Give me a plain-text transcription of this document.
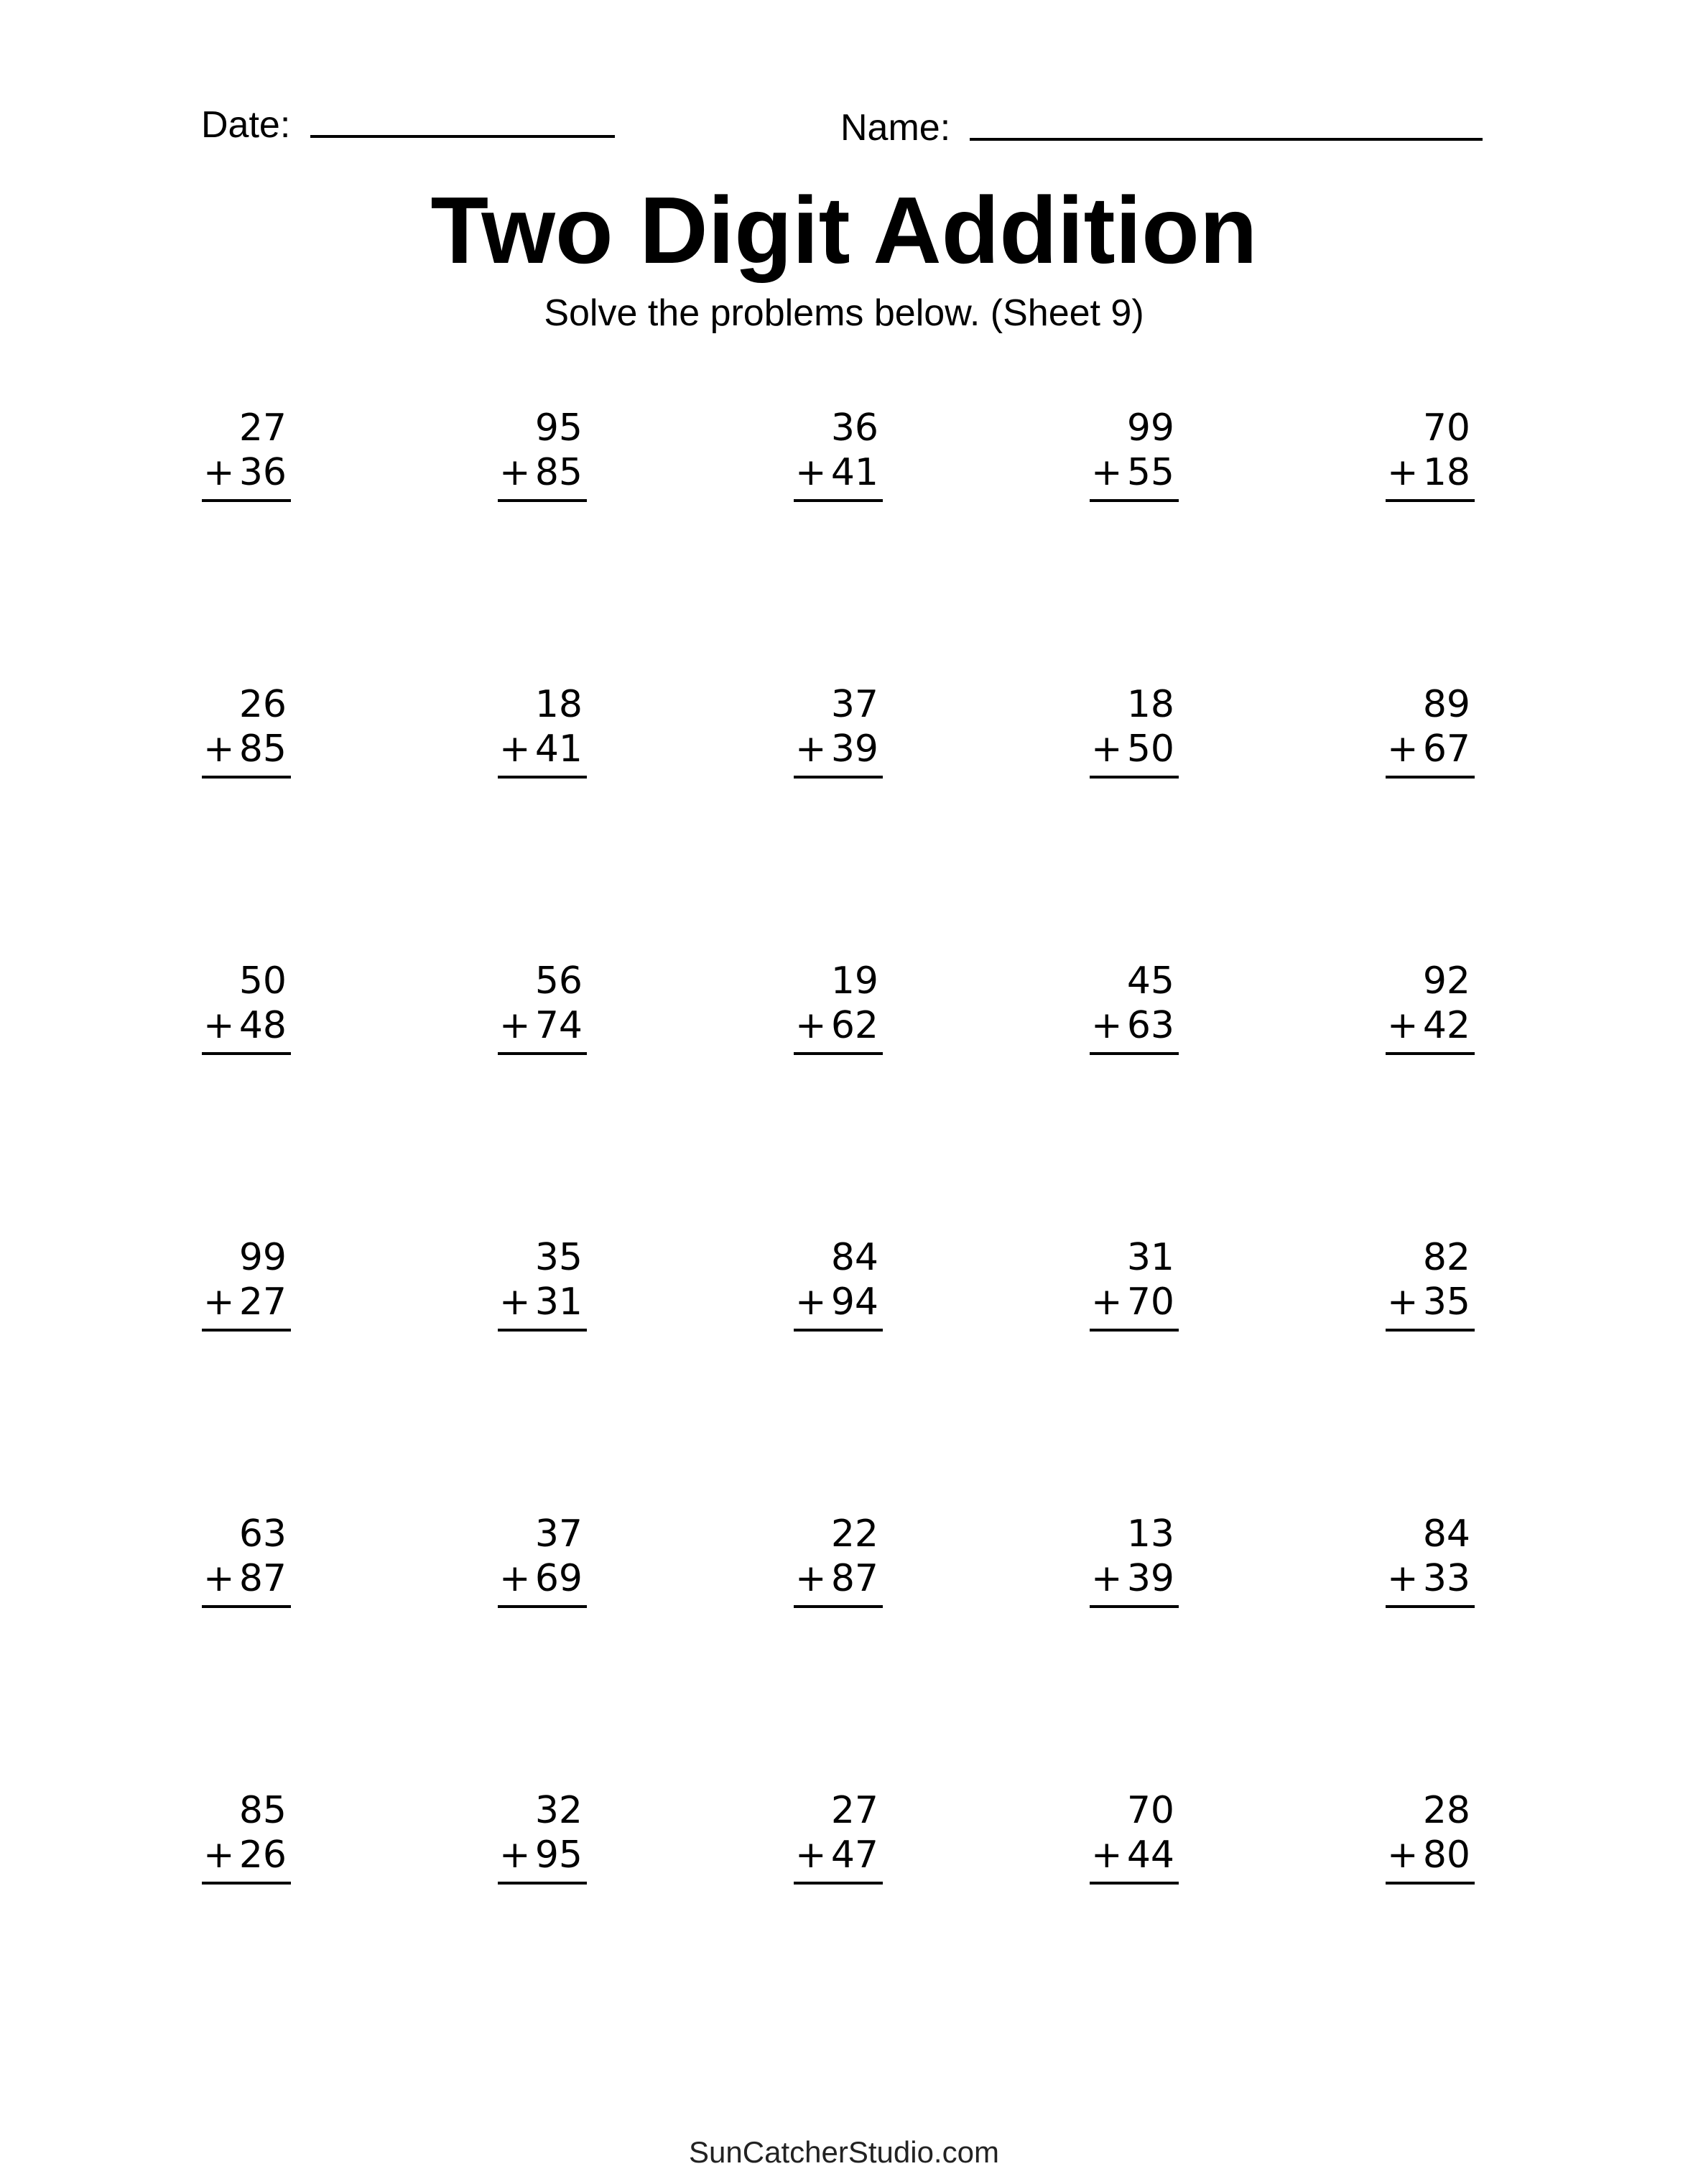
Date:	Name:
Two Digit Addition
Solve the problems below. (Sheet 9)
27
+ 36
95
+ 85
36
+ 41
99
+ 55
70
+ 18
26
+ 85
18
+ 41
37
+ 39
18
+ 50
89
+ 67
50
+ 48
56
+ 74
19
+ 62
45
+ 63
92
+ 42
99
+ 27
35
+ 31
84
+ 94
31
+ 70
82
+ 35
63
+ 87
37
+ 69
22
+ 87
13
+ 39
84
+ 33
85
+ 26
32
+ 95
27
+ 47
70
+ 44
28
+ 80
SunCatcherStudio.com
